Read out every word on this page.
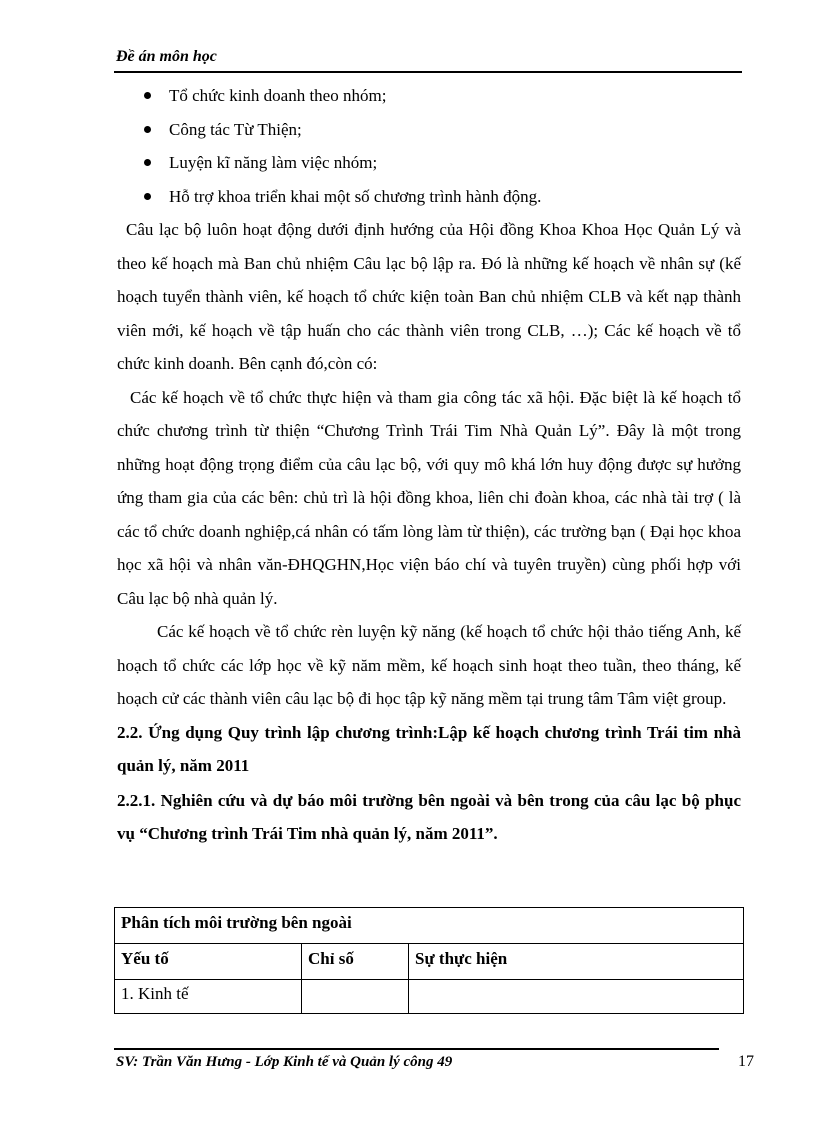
Đề án môn học
Tổ chức kinh doanh theo nhóm;
Công tác Từ Thiện;
Luyện kĩ năng làm việc nhóm;
Hỗ trợ khoa triển khai một số chương trình hành động.

Câu lạc bộ luôn hoạt động dưới định hướng của Hội đồng Khoa Khoa Học Quản Lý và theo kế hoạch mà Ban chủ nhiệm Câu lạc bộ lập ra. Đó là những kế hoạch về nhân sự (kế hoạch tuyển thành viên, kế hoạch tổ chức kiện toàn Ban chủ nhiệm CLB và kết nạp thành viên mới, kế hoạch về tập huấn cho các thành viên trong CLB, …); Các kế hoạch về tổ chức kinh doanh. Bên cạnh đó,còn có:

Các kế hoạch về tổ chức thực hiện và tham gia công tác xã hội. Đặc biệt là kế hoạch tổ chức chương trình từ thiện “Chương Trình Trái Tim Nhà Quản Lý”. Đây là một trong những hoạt động trọng điểm của câu lạc bộ, với quy mô khá lớn huy động được sự hưởng ứng tham gia của các bên: chủ trì là hội đồng khoa, liên chi đoàn khoa, các nhà tài trợ ( là các tổ chức doanh nghiệp,cá nhân có tấm lòng làm từ thiện), các trường bạn ( Đại học khoa học xã hội và nhân văn-ĐHQGHN,Học viện báo chí và tuyên truyền) cùng phối hợp với Câu lạc bộ nhà quản lý.

Các kế hoạch về tổ chức rèn luyện kỹ năng (kế hoạch tổ chức hội thảo tiếng Anh, kế hoạch tổ chức các lớp học về kỹ năm mềm, kế hoạch sinh hoạt theo tuần, theo tháng, kế hoạch cử các thành viên câu lạc bộ đi học tập kỹ năng mềm tại trung tâm Tâm việt group.

2.2. Ứng dụng Quy trình lập chương trình:Lập kế hoạch chương trình Trái tim nhà quản lý, năm 2011

2.2.1. Nghiên cứu và dự báo môi trường bên ngoài và bên trong của câu lạc bộ phục vụ “Chương trình Trái Tim nhà quản lý, năm 2011”.

Phân tích môi trường bên ngoài		
Yếu tố	Chỉ số	Sự thực hiện
1. Kinh tế		
SV: Trần Văn Hưng - Lớp Kinh tế và Quản lý công 49	17
